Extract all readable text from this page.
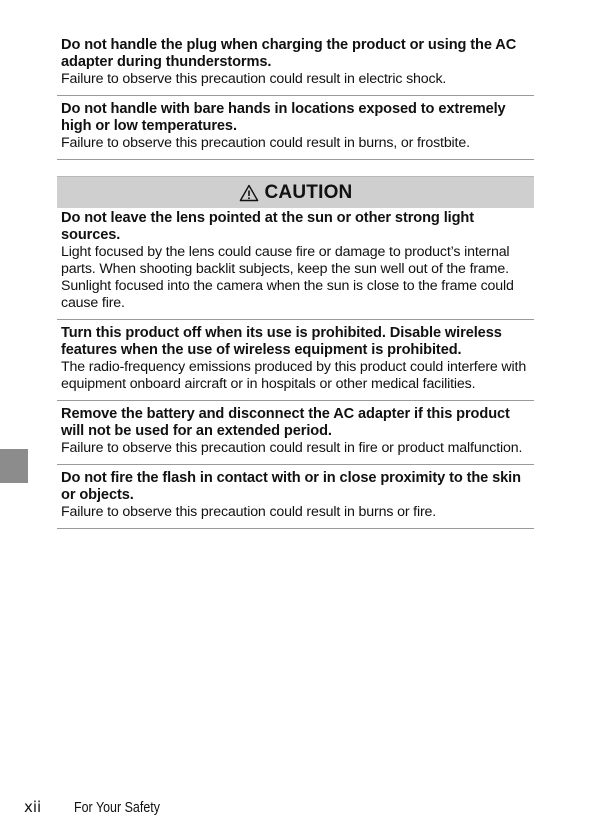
Do not handle the plug when charging the product or using the AC adapter during thunderstorms.

Failure to observe this precaution could result in electric shock.

Do not handle with bare hands in locations exposed to extremely high or low temperatures.

Failure to observe this precaution could result in burns, or frostbite.

CAUTION

Do not leave the lens pointed at the sun or other strong light sources.

Light focused by the lens could cause fire or damage to product’s internal parts. When shooting backlit subjects, keep the sun well out of the frame. Sunlight focused into the camera when the sun is close to the frame could cause fire.

Turn this product off when its use is prohibited. Disable wireless features when the use of wireless equipment is prohibited.

The radio-frequency emissions produced by this product could interfere with equipment onboard aircraft or in hospitals or other medical facilities.

Remove the battery and disconnect the AC adapter if this product will not be used for an extended period.

Failure to observe this precaution could result in fire or product malfunction.

Do not fire the flash in contact with or in close proximity to the skin or objects.

Failure to observe this precaution could result in burns or fire.

xii For Your Safety
